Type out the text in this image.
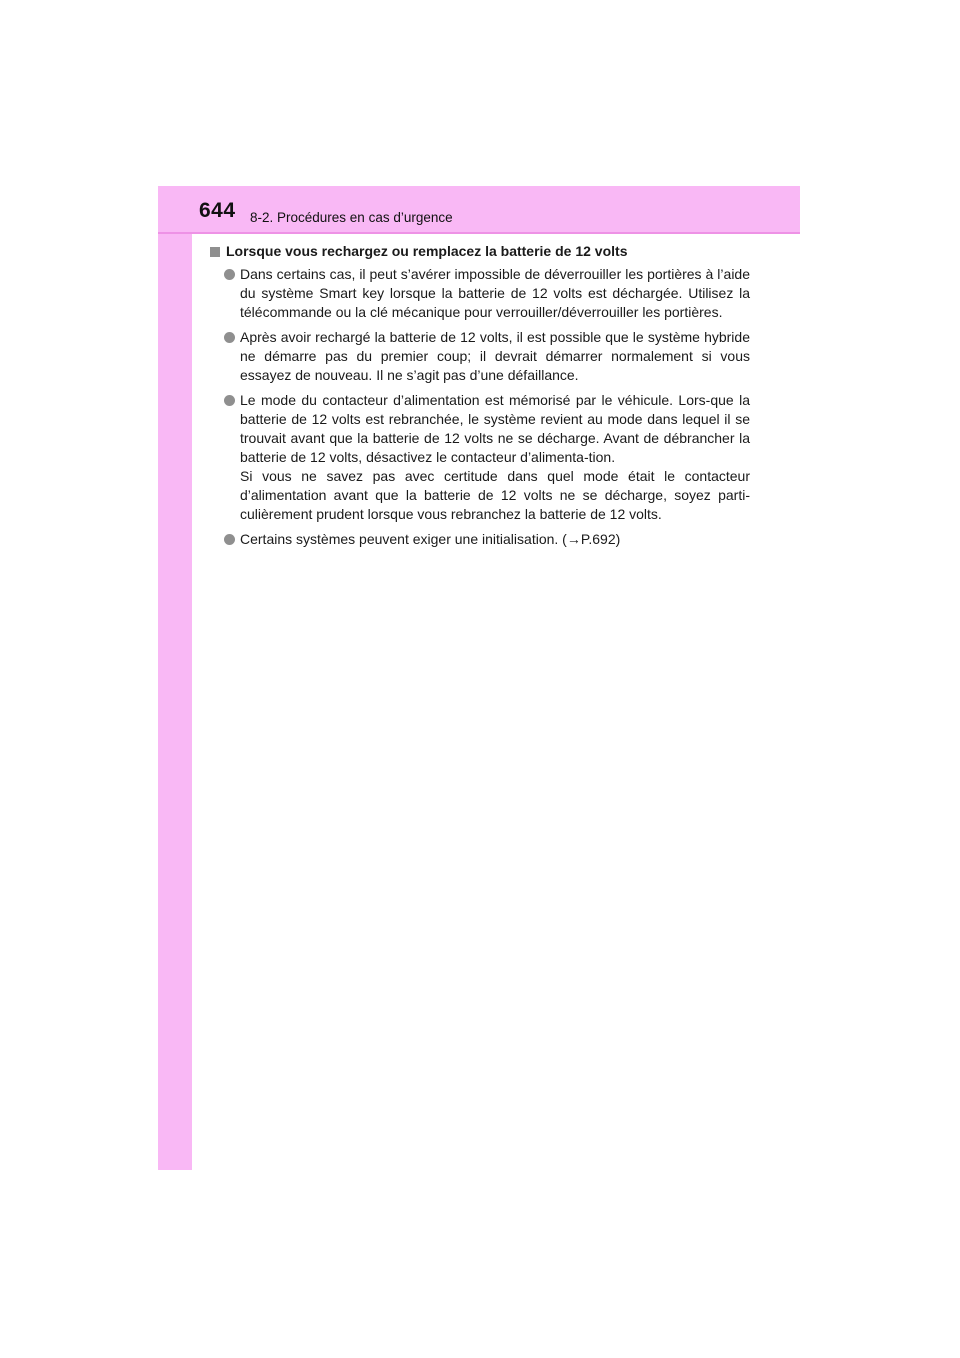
644 8-2. Procédures en cas d’urgence
Lorsque vous rechargez ou remplacez la batterie de 12 volts
Dans certains cas, il peut s’avérer impossible de déverrouiller les portières à l’aide du système Smart key lorsque la batterie de 12 volts est déchargée. Utilisez la télécommande ou la clé mécanique pour verrouiller/déverrouiller les portières.
Après avoir rechargé la batterie de 12 volts, il est possible que le système hybride ne démarre pas du premier coup; il devrait démarrer normalement si vous essayez de nouveau. Il ne s’agit pas d’une défaillance.
Le mode du contacteur d’alimentation est mémorisé par le véhicule. Lors-que la batterie de 12 volts est rebranchée, le système revient au mode dans lequel il se trouvait avant que la batterie de 12 volts ne se décharge. Avant de débrancher la batterie de 12 volts, désactivez le contacteur d’alimenta-tion.
Si vous ne savez pas avec certitude dans quel mode était le contacteur d’alimentation avant que la batterie de 12 volts ne se décharge, soyez parti-culièrement prudent lorsque vous rebranchez la batterie de 12 volts.
Certains systèmes peuvent exiger une initialisation. (→P.692)
